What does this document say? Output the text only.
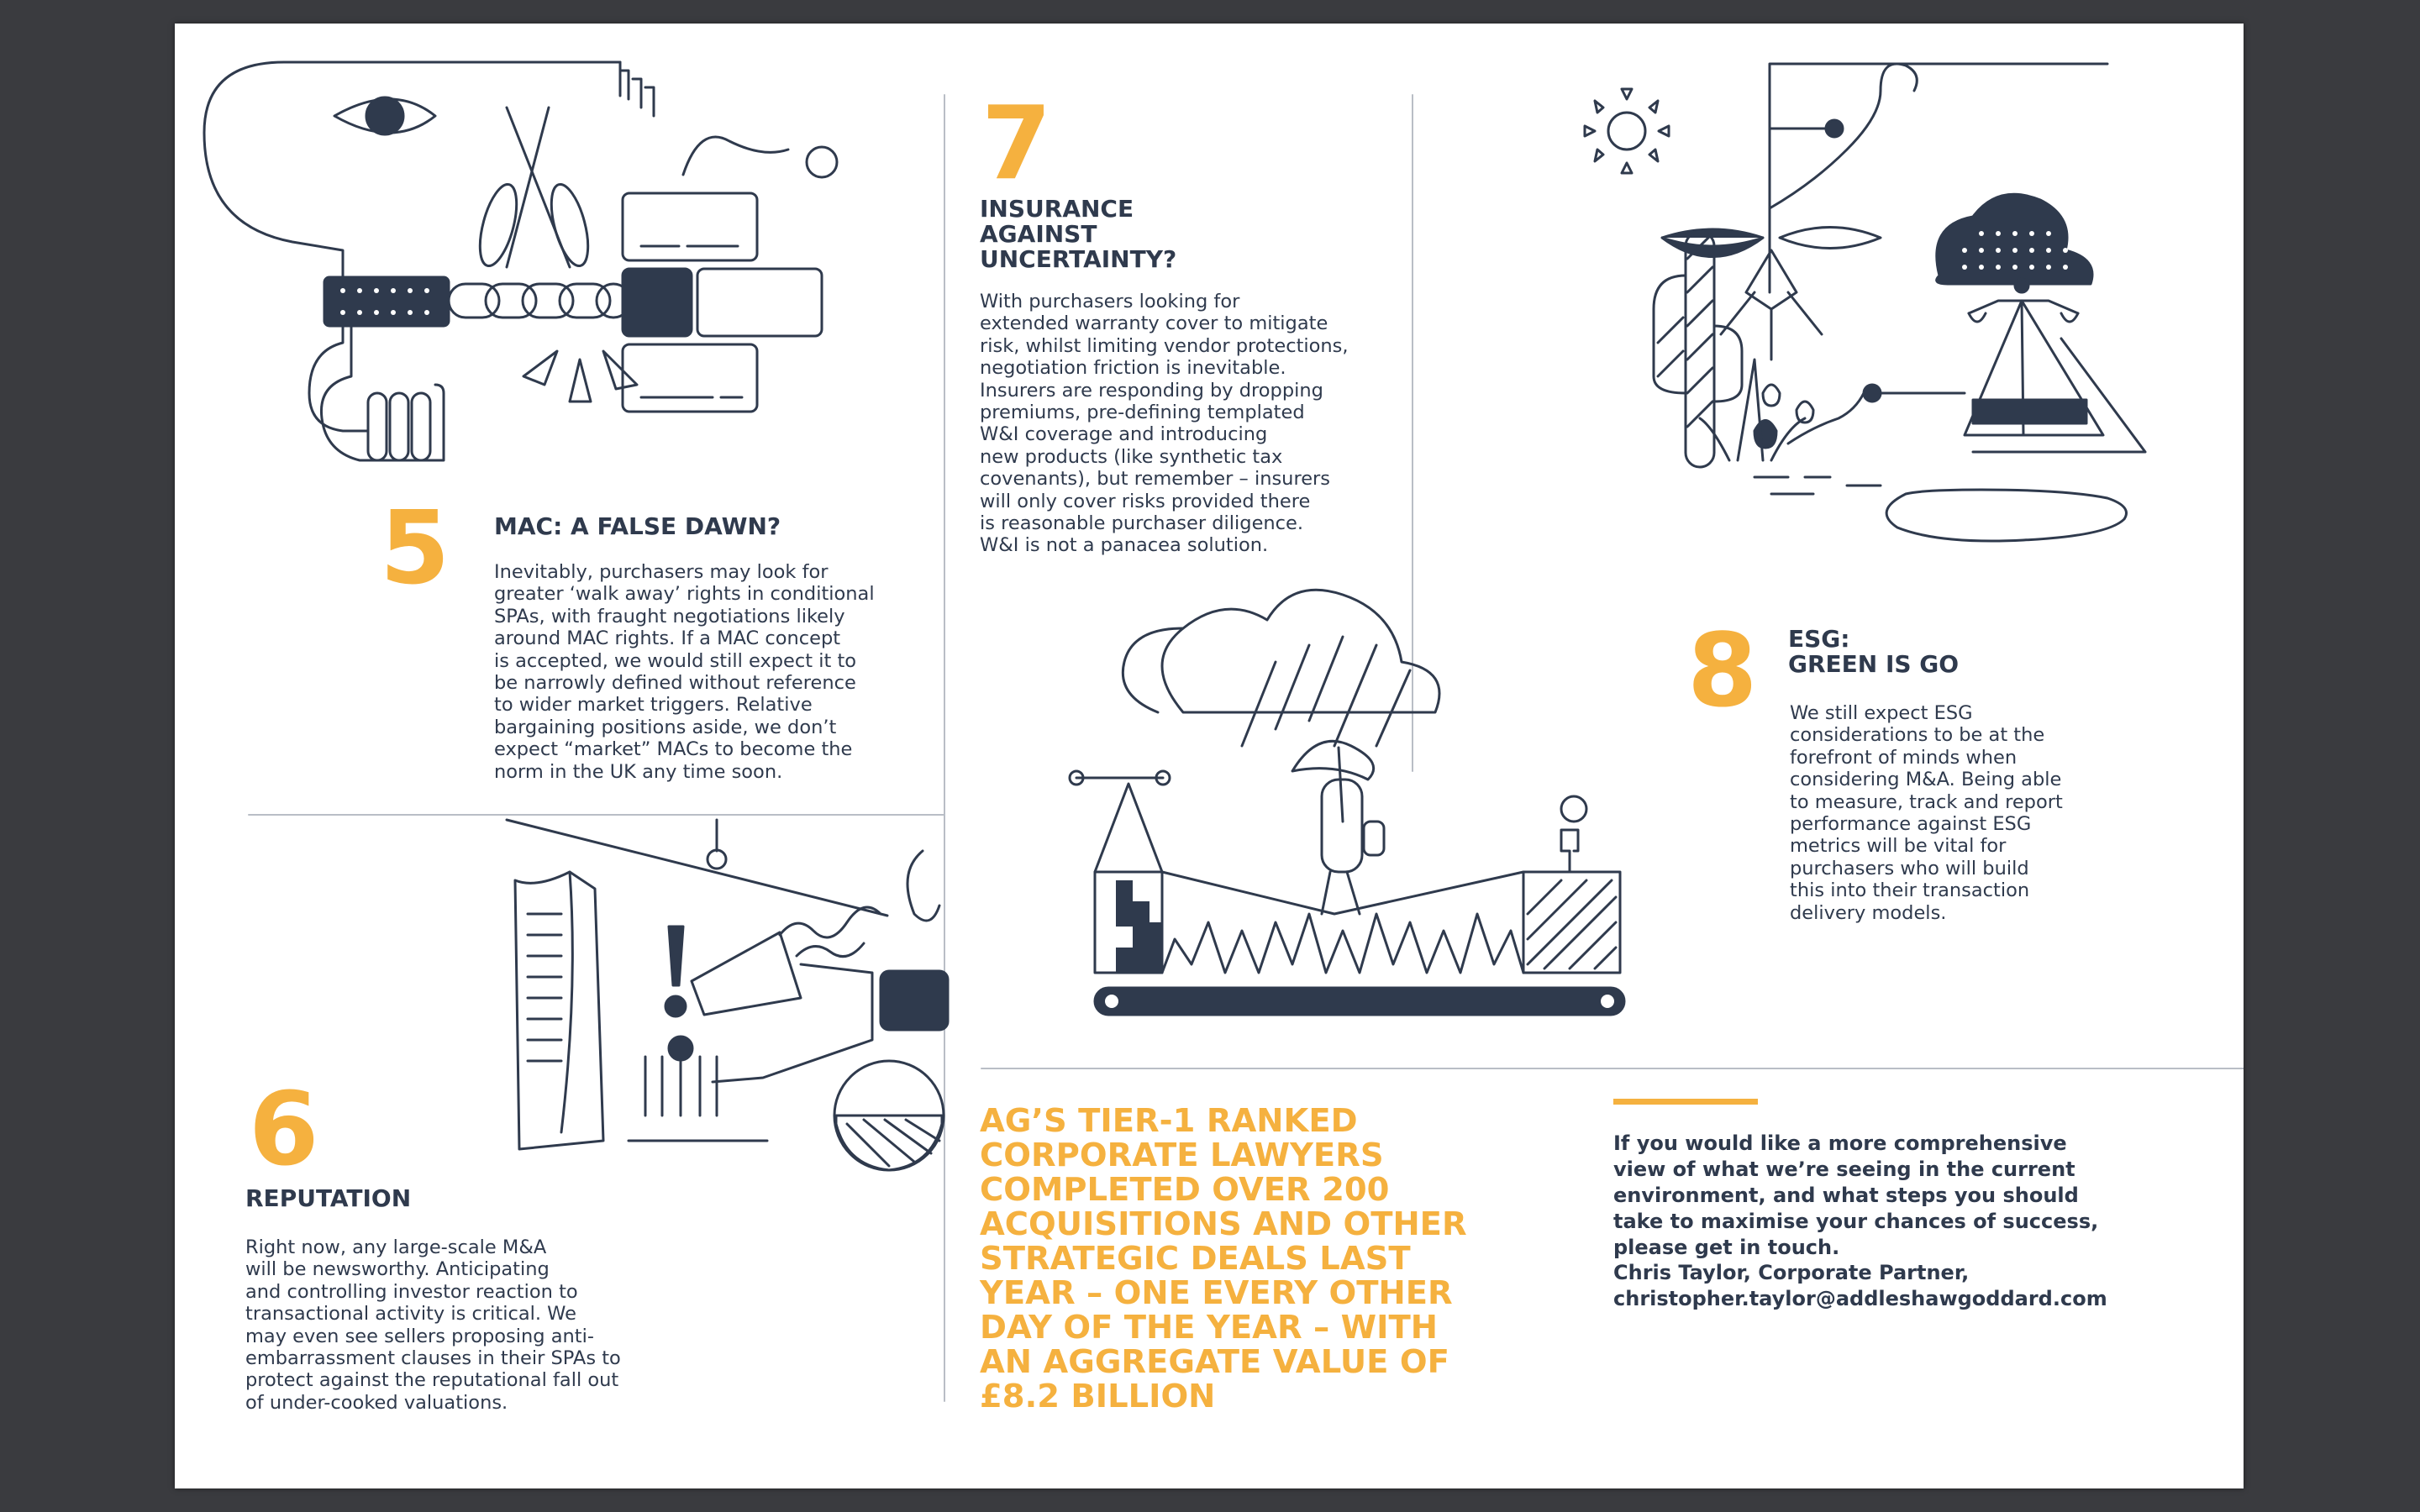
5 MAC: A FALSE DAWN?
Inevitably, purchasers may look for
greater ‘walk away’ rights in conditional
SPAs, with fraught negotiations likely
around MAC rights. If a MAC concept
is accepted, we would still expect it to
be narrowly defined without reference
to wider market triggers. Relative
bargaining positions aside, we don’t
expect “market” MACs to become the
norm in the UK any time soon.
6
REPUTATION
Right now, any large-scale M&A
will be newsworthy. Anticipating
and controlling investor reaction to
transactional activity is critical. We
may even see sellers proposing anti-
embarrassment clauses in their SPAs to
protect against the reputational fall out
of under-cooked valuations.
7
INSURANCE
AGAINST
UNCERTAINTY?
With purchasers looking for
extended warranty cover to mitigate
risk, whilst limiting vendor protections,
negotiation friction is inevitable.
Insurers are responding by dropping
premiums, pre-defining templated
W&I coverage and introducing
new products (like synthetic tax
covenants), but remember – insurers
will only cover risks provided there
is reasonable purchaser diligence.
W&I is not a panacea solution.
8 ESG:
GREEN IS GO
We still expect ESG
considerations to be at the
forefront of minds when
considering M&A. Being able
to measure, track and report
performance against ESG
metrics will be vital for
purchasers who will build
this into their transaction
delivery models.
AG’S TIER-1 RANKED
CORPORATE LAWYERS
COMPLETED OVER 200
ACQUISITIONS AND OTHER
STRATEGIC DEALS LAST
YEAR – ONE EVERY OTHER
DAY OF THE YEAR – WITH
AN AGGREGATE VALUE OF
£8.2 BILLION
If you would like a more comprehensive
view of what we’re seeing in the current
environment, and what steps you should
take to maximise your chances of success,
please get in touch.
Chris Taylor, Corporate Partner,
christopher.taylor@addleshawgoddard.com
